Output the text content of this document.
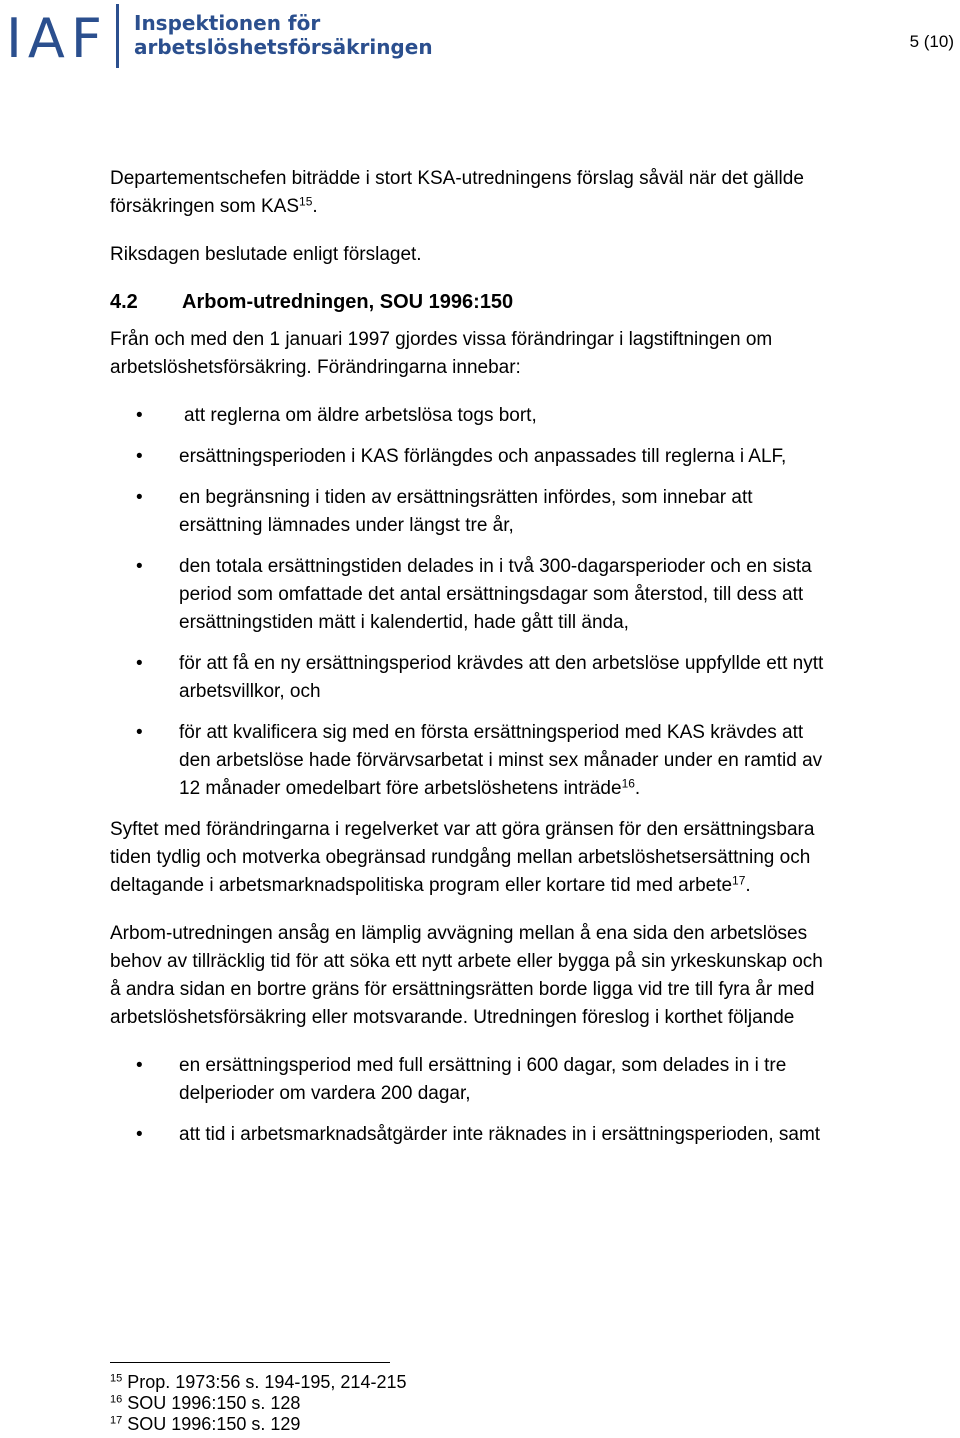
IAF Inspektionen för
arbetslöshetsförsäkringen	5 (10)

Departementschefen biträdde i stort KSA-utredningens förslag såväl när det gällde försäkringen som KAS$^{15}$.

Riksdagen beslutade enligt förslaget.

4.2 Arbom-utredningen, SOU 1996:150

Från och med den 1 januari 1997 gjordes vissa förändringar i lagstiftningen om arbetslöshetsförsäkring. Förändringarna innebar:

• att reglerna om äldre arbetslösa togs bort,
• ersättningsperioden i KAS förlängdes och anpassades till reglerna i ALF,
• en begränsning i tiden av ersättningsrätten infördes, som innebar att ersättning lämnades under längst tre år,
• den totala ersättningstiden delades in i två 300-dagarsperioder och en sista period som omfattade det antal ersättningsdagar som återstod, till dess att ersättningstiden mätt i kalendertid, hade gått till ända,
• för att få en ny ersättningsperiod krävdes att den arbetslöse uppfyllde ett nytt arbetsvillkor, och
• för att kvalificera sig med en första ersättningsperiod med KAS krävdes att den arbetslöse hade förvärvsarbetat i minst sex månader under en ramtid av 12 månader omedelbart före arbetslöshetens inträde$^{16}$.

Syftet med förändringarna i regelverket var att göra gränsen för den ersättningsbara tiden tydlig och motverka obegränsad rundgång mellan arbetslöshetsersättning och deltagande i arbetsmarknadspolitiska program eller kortare tid med arbete$^{17}$.

Arbom-utredningen ansåg en lämplig avvägning mellan å ena sida den arbetslöses behov av tillräcklig tid för att söka ett nytt arbete eller bygga på sin yrkeskunskap och å andra sidan en bortre gräns för ersättningsrätten borde ligga vid tre till fyra år med arbetslöshetsförsäkring eller motsvarande. Utredningen föreslog i korthet följande

• en ersättningsperiod med full ersättning i 600 dagar, som delades in i tre delperioder om vardera 200 dagar,
• att tid i arbetsmarknadsåtgärder inte räknades in i ersättningsperioden, samt
$^{15}$ Prop. 1973:56 s. 194-195, 214-215
$^{16}$ SOU 1996:150 s. 128
$^{17}$ SOU 1996:150 s. 129
